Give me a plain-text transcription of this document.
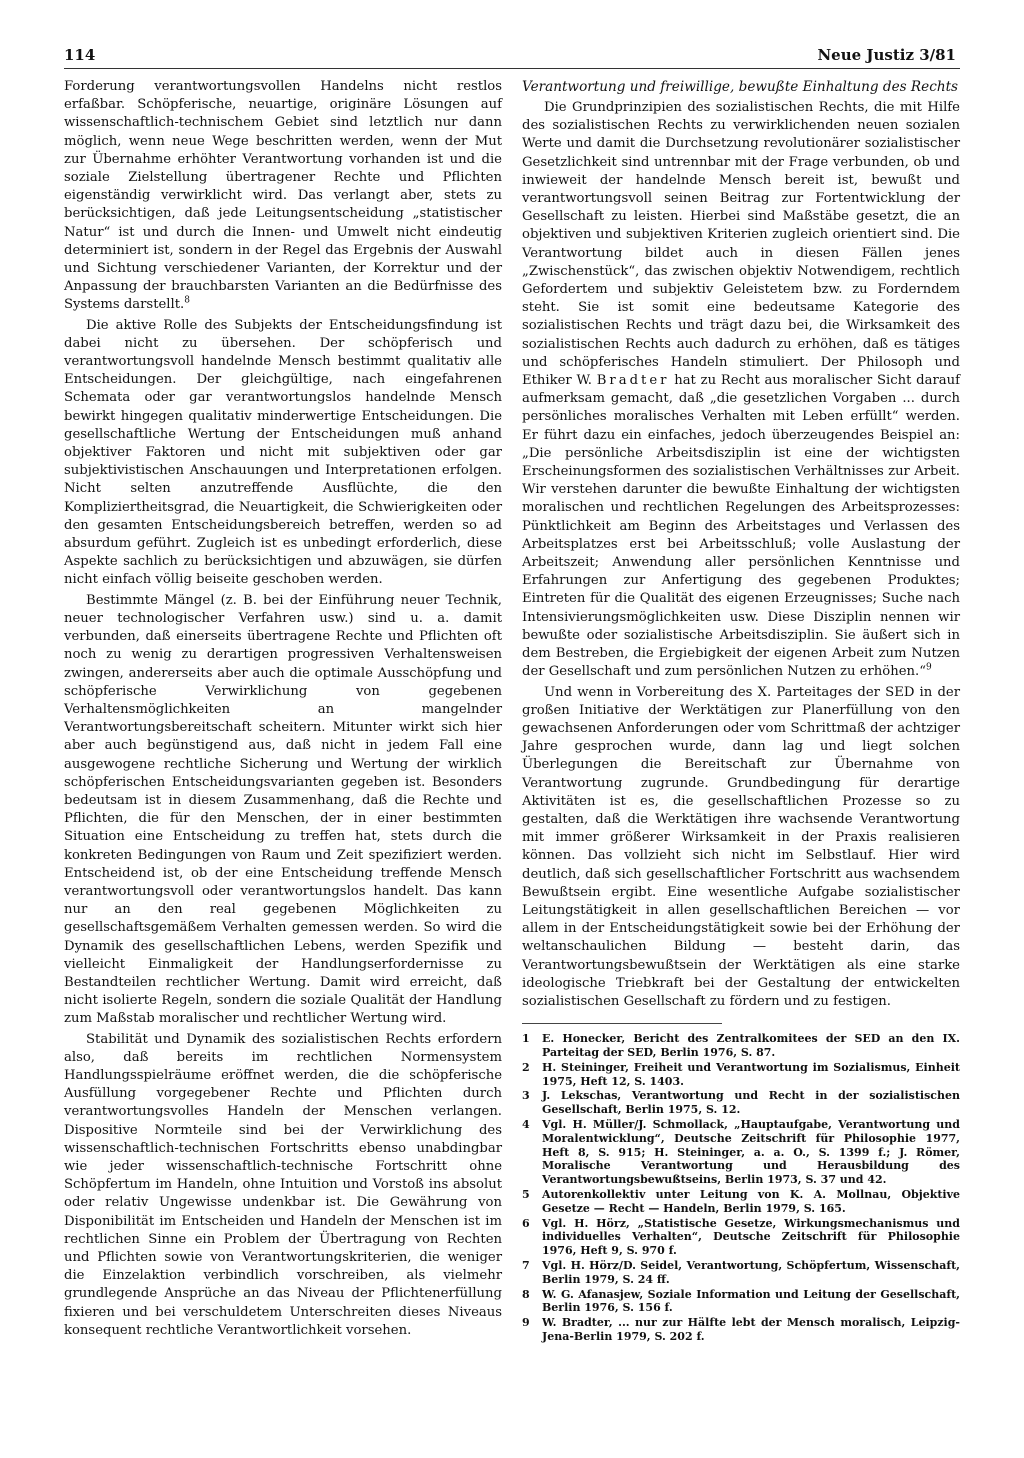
114	Neue Justiz 3/81

Forderung verantwortungsvollen Handelns nicht restlos erfaßbar. Schöpferische, neuartige, originäre Lösungen auf wissenschaftlich-technischem Gebiet sind letztlich nur dann möglich, wenn neue Wege beschritten werden, wenn der Mut zur Übernahme erhöhter Verantwortung vorhanden ist und die soziale Zielstellung übertragener Rechte und Pflichten eigenständig verwirklicht wird. Das verlangt aber, stets zu berücksichtigen, daß jede Leitungsentscheidung „statistischer Natur“ ist und durch die Innen- und Umwelt nicht eindeutig determiniert ist, sondern in der Regel das Ergebnis der Auswahl und Sichtung verschiedener Varianten, der Korrektur und der Anpassung der brauchbarsten Varianten an die Bedürfnisse des Systems darstellt.$^8$

Die aktive Rolle des Subjekts der Entscheidungsfindung ist dabei nicht zu übersehen. Der schöpferisch und verantwortungsvoll handelnde Mensch bestimmt qualitativ alle Entscheidungen. Der gleichgültige, nach eingefahrenen Schemata oder gar verantwortungslos handelnde Mensch bewirkt hingegen qualitativ minderwertige Entscheidungen. Die gesellschaftliche Wertung der Entscheidungen muß anhand objektiver Faktoren und nicht mit subjektiven oder gar subjektivistischen Anschauungen und Interpretationen erfolgen. Nicht selten anzutreffende Ausflüchte, die den Kompliziertheitsgrad, die Neuartigkeit, die Schwierigkeiten oder den gesamten Entscheidungsbereich betreffen, werden so ad absurdum geführt. Zugleich ist es unbedingt erforderlich, diese Aspekte sachlich zu berücksichtigen und abzuwägen, sie dürfen nicht einfach völlig beiseite geschoben werden.

Bestimmte Mängel (z. B. bei der Einführung neuer Technik, neuer technologischer Verfahren usw.) sind u. a. damit verbunden, daß einerseits übertragene Rechte und Pflichten oft noch zu wenig zu derartigen progressiven Verhaltensweisen zwingen, andererseits aber auch die optimale Ausschöpfung und schöpferische Verwirklichung von gegebenen Verhaltensmöglichkeiten an mangelnder Verantwortungsbereitschaft scheitern. Mitunter wirkt sich hier aber auch begünstigend aus, daß nicht in jedem Fall eine ausgewogene rechtliche Sicherung und Wertung der wirklich schöpferischen Entscheidungsvarianten gegeben ist. Besonders bedeutsam ist in diesem Zusammenhang, daß die Rechte und Pflichten, die für den Menschen, der in einer bestimmten Situation eine Entscheidung zu treffen hat, stets durch die konkreten Bedingungen von Raum und Zeit spezifiziert werden. Entscheidend ist, ob der eine Entscheidung treffende Mensch verantwortungsvoll oder verantwortungslos handelt. Das kann nur an den real gegebenen Möglichkeiten zu gesellschaftsgemäßem Verhalten gemessen werden. So wird die Dynamik des gesellschaftlichen Lebens, werden Spezifik und vielleicht Einmaligkeit der Handlungserfordernisse zu Bestandteilen rechtlicher Wertung. Damit wird erreicht, daß nicht isolierte Regeln, sondern die soziale Qualität der Handlung zum Maßstab moralischer und rechtlicher Wertung wird.

Stabilität und Dynamik des sozialistischen Rechts erfordern also, daß bereits im rechtlichen Normensystem Handlungsspielräume eröffnet werden, die die schöpferische Ausfüllung vorgegebener Rechte und Pflichten durch verantwortungsvolles Handeln der Menschen verlangen. Dispositive Normteile sind bei der Verwirklichung des wissenschaftlich-technischen Fortschritts ebenso unabdingbar wie jeder wissenschaftlich-technische Fortschritt ohne Schöpfertum im Handeln, ohne Intuition und Vorstoß ins absolut oder relativ Ungewisse undenkbar ist. Die Gewährung von Disponibilität im Entscheiden und Handeln der Menschen ist im rechtlichen Sinne ein Problem der Übertragung von Rechten und Pflichten sowie von Verantwortungskriterien, die weniger die Einzelaktion verbindlich vorschreiben, als vielmehr grundlegende Ansprüche an das Niveau der Pflichtenerfüllung fixieren und bei verschuldetem Unterschreiten dieses Niveaus konsequent rechtliche Verantwortlichkeit vorsehen.

Verantwortung und freiwillige, bewußte Einhaltung des Rechts

Die Grundprinzipien des sozialistischen Rechts, die mit Hilfe des sozialistischen Rechts zu verwirklichenden neuen sozialen Werte und damit die Durchsetzung revolutionärer sozialistischer Gesetzlichkeit sind untrennbar mit der Frage verbunden, ob und inwieweit der handelnde Mensch bereit ist, bewußt und verantwortungsvoll seinen Beitrag zur Fortentwicklung der Gesellschaft zu leisten. Hierbei sind Maßstäbe gesetzt, die an objektiven und subjektiven Kriterien zugleich orientiert sind. Die Verantwortung bildet auch in diesen Fällen jenes „Zwischenstück“, das zwischen objektiv Notwendigem, rechtlich Gefordertem und subjektiv Geleistetem bzw. zu Forderndem steht. Sie ist somit eine bedeutsame Kategorie des sozialistischen Rechts und trägt dazu bei, die Wirksamkeit des sozialistischen Rechts auch dadurch zu erhöhen, daß es tätiges und schöpferisches Handeln stimuliert. Der Philosoph und Ethiker W. Bradter hat zu Recht aus moralischer Sicht darauf aufmerksam gemacht, daß „die gesetzlichen Vorgaben ... durch persönliches moralisches Verhalten mit Leben erfüllt“ werden. Er führt dazu ein einfaches, jedoch überzeugendes Beispiel an: „Die persönliche Arbeitsdisziplin ist eine der wichtigsten Erscheinungsformen des sozialistischen Verhältnisses zur Arbeit. Wir verstehen darunter die bewußte Einhaltung der wichtigsten moralischen und rechtlichen Regelungen des Arbeitsprozesses: Pünktlichkeit am Beginn des Arbeitstages und Verlassen des Arbeitsplatzes erst bei Arbeitsschluß; volle Auslastung der Arbeitszeit; Anwendung aller persönlichen Kenntnisse und Erfahrungen zur Anfertigung des gegebenen Produktes; Eintreten für die Qualität des eigenen Erzeugnisses; Suche nach Intensivierungsmöglichkeiten usw. Diese Disziplin nennen wir bewußte oder sozialistische Arbeitsdisziplin. Sie äußert sich in dem Bestreben, die Ergiebigkeit der eigenen Arbeit zum Nutzen der Gesellschaft und zum persönlichen Nutzen zu erhöhen.“$^9$

Und wenn in Vorbereitung des X. Parteitages der SED in der großen Initiative der Werktätigen zur Planerfüllung von den gewachsenen Anforderungen oder vom Schrittmaß der achtziger Jahre gesprochen wurde, dann lag und liegt solchen Überlegungen die Bereitschaft zur Übernahme von Verantwortung zugrunde. Grundbedingung für derartige Aktivitäten ist es, die gesellschaftlichen Prozesse so zu gestalten, daß die Werktätigen ihre wachsende Verantwortung mit immer größerer Wirksamkeit in der Praxis realisieren können. Das vollzieht sich nicht im Selbstlauf. Hier wird deutlich, daß sich gesellschaftlicher Fortschritt aus wachsendem Bewußtsein ergibt. Eine wesentliche Aufgabe sozialistischer Leitungstätigkeit in allen gesellschaftlichen Bereichen — vor allem in der Entscheidungstätigkeit sowie bei der Erhöhung der weltanschaulichen Bildung — besteht darin, das Verantwortungsbewußtsein der Werktätigen als eine starke ideologische Triebkraft bei der Gestaltung der entwickelten sozialistischen Gesellschaft zu fördern und zu festigen.

1	E. Honecker, Bericht des Zentralkomitees der SED an den IX. Parteitag der SED, Berlin 1976, S. 87.
2	H. Steininger, Freiheit und Verantwortung im Sozialismus, Einheit 1975, Heft 12, S. 1403.
3	J. Lekschas, Verantwortung und Recht in der sozialistischen Gesellschaft, Berlin 1975, S. 12.
4	Vgl. H. Müller/J. Schmollack, „Hauptaufgabe, Verantwortung und Moralentwicklung“, Deutsche Zeitschrift für Philosophie 1977, Heft 8, S. 915; H. Steininger, a. a. O., S. 1399 f.; J. Römer, Moralische Verantwortung und Herausbildung des Verantwortungsbewußtseins, Berlin 1973, S. 37 und 42.
5	Autorenkollektiv unter Leitung von K. A. Mollnau, Objektive Gesetze — Recht — Handeln, Berlin 1979, S. 165.
6	Vgl. H. Hörz, „Statistische Gesetze, Wirkungsmechanismus und individuelles Verhalten“, Deutsche Zeitschrift für Philosophie 1976, Heft 9, S. 970 f.
7	Vgl. H. Hörz/D. Seidel, Verantwortung, Schöpfertum, Wissenschaft, Berlin 1979, S. 24 ff.
8	W. G. Afanasjew, Soziale Information und Leitung der Gesellschaft, Berlin 1976, S. 156 f.
9	W. Bradter, ... nur zur Hälfte lebt der Mensch moralisch, Leipzig-Jena-Berlin 1979, S. 202 f.
